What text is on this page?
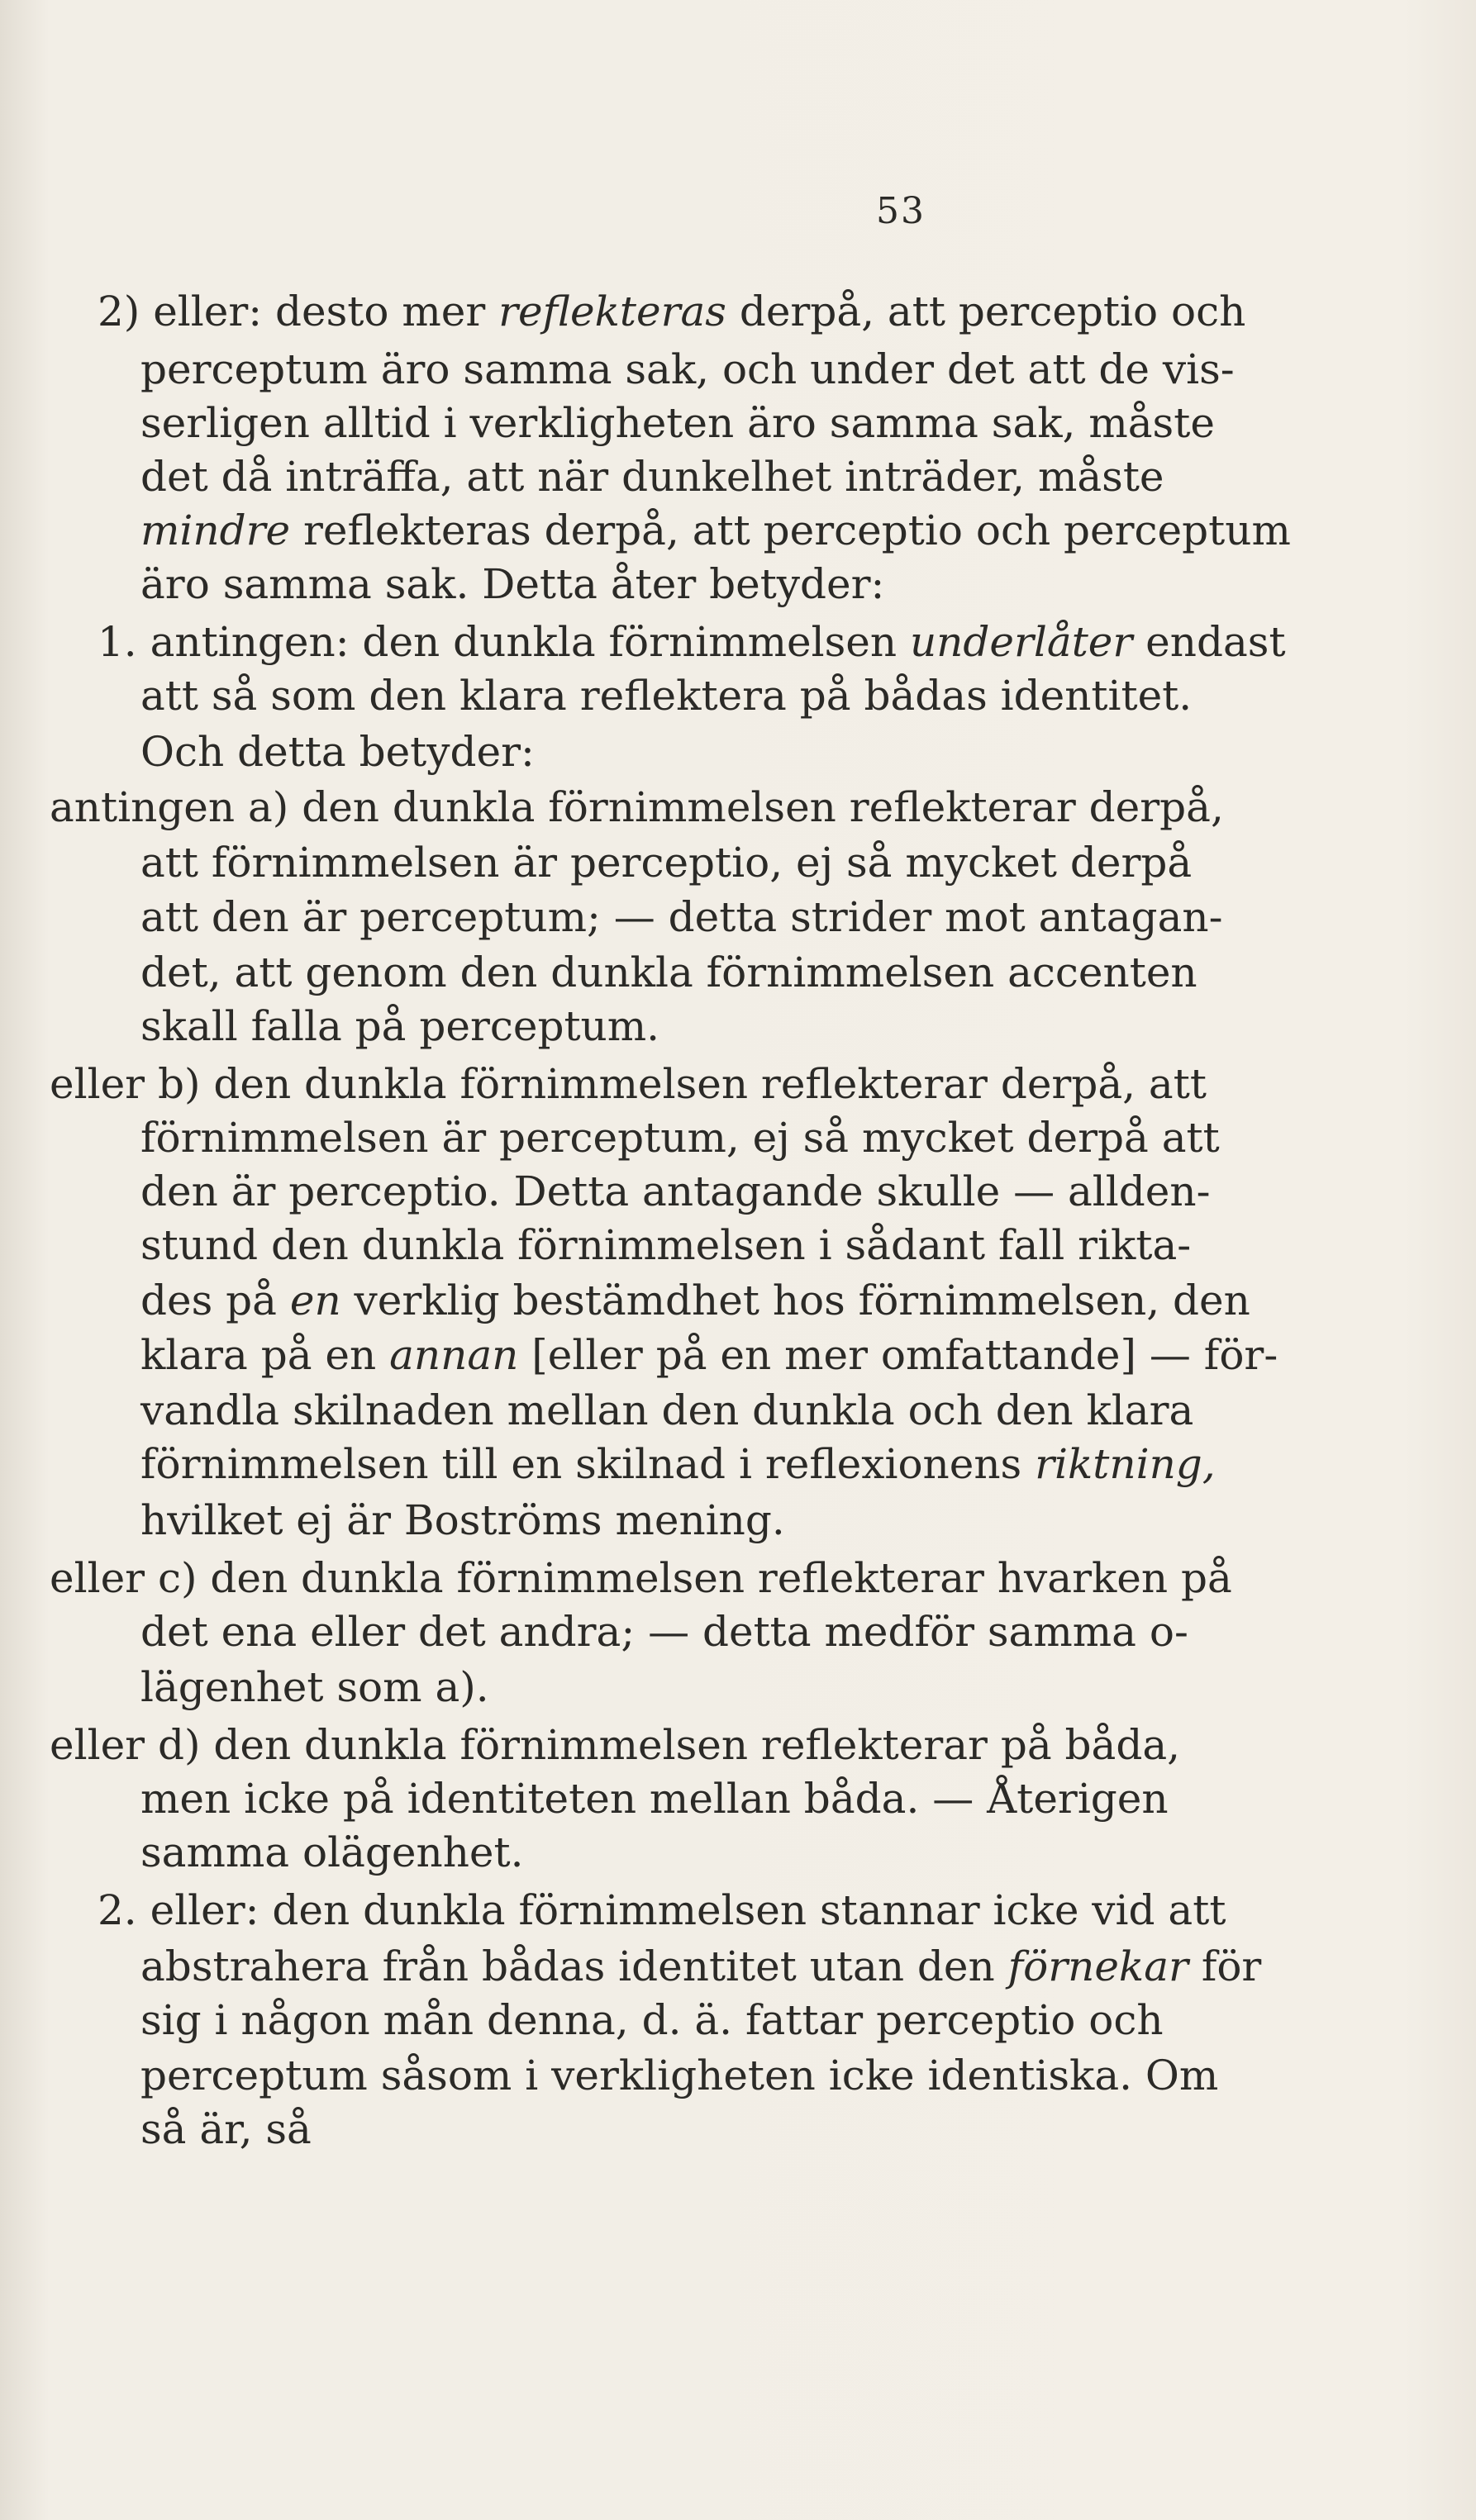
53
2) eller: desto mer reflekteras derpå, att perceptio och
perceptum äro samma sak, och under det att de vis-
serligen alltid i verkligheten äro samma sak, måste
det då inträffa, att när dunkelhet inträder, måste
mindre reflekteras derpå, att perceptio och perceptum
äro samma sak. Detta åter betyder:
1. antingen: den dunkla förnimmelsen underlåter endast
att så som den klara reflektera på bådas identitet.
Och detta betyder:
antingen a) den dunkla förnimmelsen reflekterar derpå,
att förnimmelsen är perceptio, ej så mycket derpå
att den är perceptum; — detta strider mot antagan-
det, att genom den dunkla förnimmelsen accenten
skall falla på perceptum.
eller b) den dunkla förnimmelsen reflekterar derpå, att
förnimmelsen är perceptum, ej så mycket derpå att
den är perceptio. Detta antagande skulle — allden-
stund den dunkla förnimmelsen i sådant fall rikta-
des på en verklig bestämdhet hos förnimmelsen, den
klara på en annan [eller på en mer omfattande] — för-
vandla skilnaden mellan den dunkla och den klara
förnimmelsen till en skilnad i reflexionens riktning,
hvilket ej är Boströms mening.
eller c) den dunkla förnimmelsen reflekterar hvarken på
det ena eller det andra; — detta medför samma o-
lägenhet som a).
eller d) den dunkla förnimmelsen reflekterar på båda,
men icke på identiteten mellan båda. — Återigen
samma olägenhet.
2. eller: den dunkla förnimmelsen stannar icke vid att
abstrahera från bådas identitet utan den förnekar för
sig i någon mån denna, d. ä. fattar perceptio och
perceptum såsom i verkligheten icke identiska. Om
så är, så
